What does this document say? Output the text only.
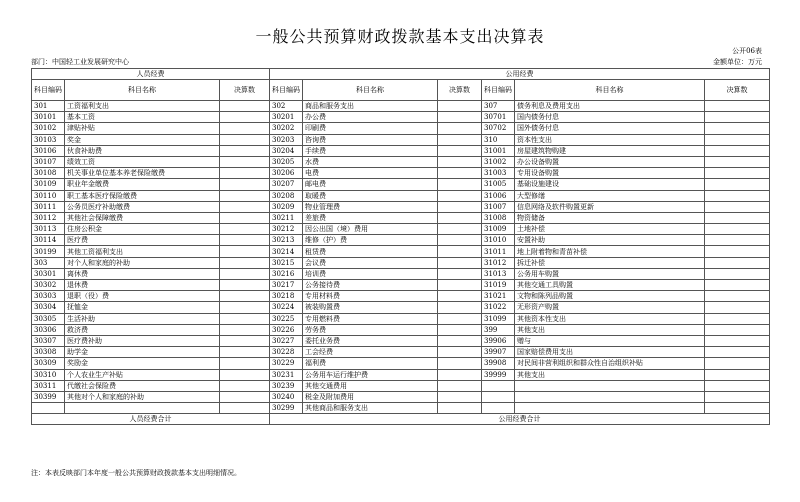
一般公共预算财政拨款基本支出决算表
公开06表
部门：中国轻工业发展研究中心	金额单位：万元
人员经费			公用经费					
科目编码	科目名称	决算数	科目编码	科目名称	决算数	科目编码	科目名称	决算数
301	工资福利支出		302	商品和服务支出		307	债务利息及费用支出	
30101	基本工资		30201	办公费		30701	国内债务付息	
30102	津贴补贴		30202	印刷费		30702	国外债务付息	
30103	奖金		30203	咨询费		310	资本性支出	
30106	伙食补助费		30204	手续费		31001	房屋建筑物购建	
30107	绩效工资		30205	水费		31002	办公设备购置	
30108	机关事业单位基本养老保险缴费		30206	电费		31003	专用设备购置	
30109	职业年金缴费		30207	邮电费		31005	基础设施建设	
30110	职工基本医疗保险缴费		30208	取暖费		31006	大型修缮	
30111	公务员医疗补助缴费		30209	物业管理费		31007	信息网络及软件购置更新	
30112	其他社会保障缴费		30211	差旅费		31008	物资储备	
30113	住房公积金		30212	因公出国（境）费用		31009	土地补偿	
30114	医疗费		30213	维修（护）费		31010	安置补助	
30199	其他工资福利支出		30214	租赁费		31011	地上附着物和青苗补偿	
303	对个人和家庭的补助		30215	会议费		31012	拆迁补偿	
30301	离休费		30216	培训费		31013	公务用车购置	
30302	退休费		30217	公务接待费		31019	其他交通工具购置	
30303	退职（役）费		30218	专用材料费		31021	文物和陈列品购置	
30304	抚恤金		30224	被装购置费		31022	无形资产购置	
30305	生活补助		30225	专用燃料费		31099	其他资本性支出	
30306	救济费		30226	劳务费		399	其他支出	
30307	医疗费补助		30227	委托业务费		39906	赠与	
30308	助学金		30228	工会经费		39907	国家赔偿费用支出	
30309	奖励金		30229	福利费		39908	对民间非营利组织和群众性自治组织补贴	
30310	个人农业生产补贴		30231	公务用车运行维护费		39999	其他支出	
30311	代缴社会保险费		30239	其他交通费用				
30399	其他对个人和家庭的补助		30240	税金及附加费用				
			30299	其他商品和服务支出				
人员经费合计			公用经费合计					
注：本表反映部门本年度一般公共预算财政拨款基本支出明细情况。
